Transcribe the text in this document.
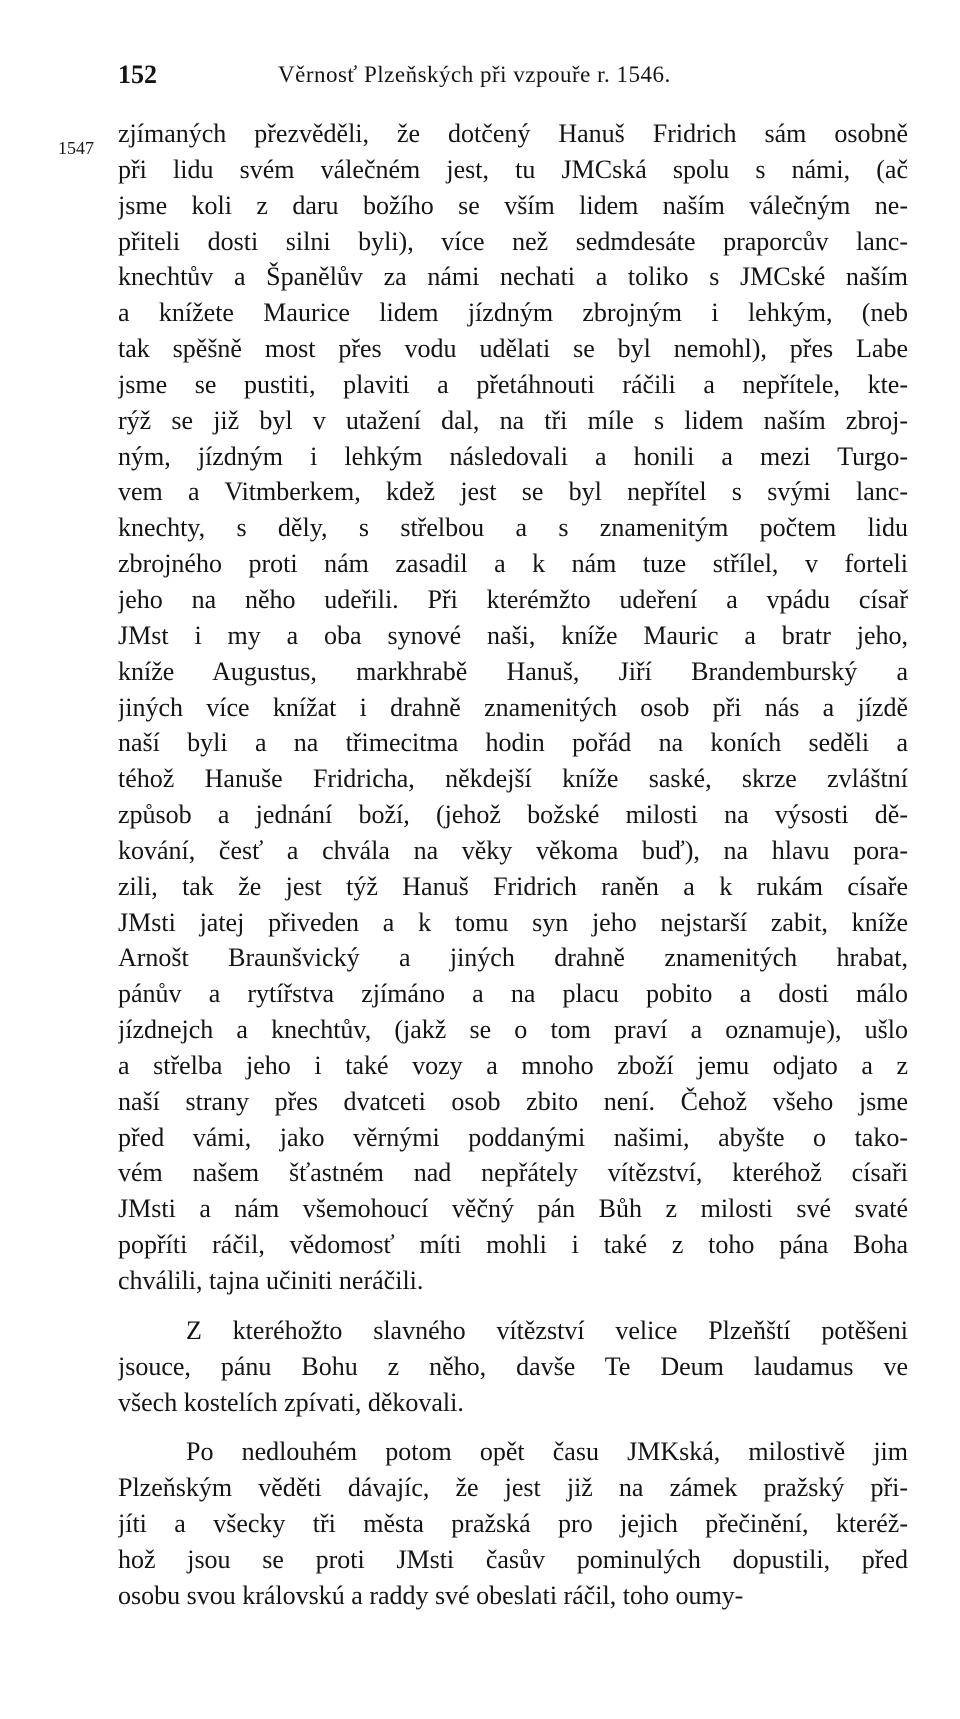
152	Věrnosť Plzeňských při vzpouře r. 1546.
1547 zjímaných přezvěděli, že dotčený Hanuš Fridrich sám osobně
při lidu svém válečném jest, tu JMCská spolu s námi, (ač
jsme koli z daru božího se vším lidem naším válečným ne-
přiteli dosti silni byli), více než sedmdesáte praporcův lanc-
knechtův a Španělův za námi nechati a toliko s JMCské naším
a knížete Maurice lidem jízdným zbrojným i lehkým, (neb
tak spěšně most přes vodu udělati se byl nemohl), přes Labe
jsme se pustiti, plaviti a přetáhnouti ráčili a nepřítele, kte-
rýž se již byl v utažení dal, na tři míle s lidem naším zbroj-
ným, jízdným i lehkým následovali a honili a mezi Turgo-
vem a Vitmberkem, kdež jest se byl nepřítel s svými lanc-
knechty, s děly, s střelbou a s znamenitým počtem lidu
zbrojného proti nám zasadil a k nám tuze střílel, v forteli
jeho na něho udeřili. Při kterémžto udeření a vpádu císař
JMst i my a oba synové naši, kníže Mauric a bratr jeho,
kníže Augustus, markhrabě Hanuš, Jiří Brandemburský a
jiných více knížat i drahně znamenitých osob při nás a jízdě
naší byli a na třimecitma hodin pořád na koních seděli a
téhož Hanuše Fridricha, někdejší kníže saské, skrze zvláštní
způsob a jednání boží, (jehož božské milosti na výsosti dě-
kování, česť a chvála na věky věkoma buď), na hlavu pora-
zili, tak že jest týž Hanuš Fridrich raněn a k rukám císaře
JMsti jatej přiveden a k tomu syn jeho nejstarší zabit, kníže
Arnošt Braunšvický a jiných drahně znamenitých hrabat,
pánův a rytířstva zjímáno a na placu pobito a dosti málo
jízdnejch a knechtův, (jakž se o tom praví a oznamuje), ušlo
a střelba jeho i také vozy a mnoho zboží jemu odjato a z
naší strany přes dvatceti osob zbito není. Čehož všeho jsme
před vámi, jako věrnými poddanými našimi, abyšte o tako-
vém našem šťastném nad nepřátely vítězství, kteréhož císaři
JMsti a nám všemohoucí věčný pán Bůh z milosti své svaté
popříti ráčil, vědomosť míti mohli i také z toho pána Boha
chválili, tajna učiniti neráčili.
Z kteréhožto slavného vítězství velice Plzeňští potěšeni
jsouce, pánu Bohu z něho, davše Te Deum laudamus ve
všech kostelích zpívati, děkovali.
Po nedlouhém potom opět času JMKská, milostivě jim
Plzeňským věděti dávajíc, že jest již na zámek pražský při-
jíti a všecky tři města pražská pro jejich přečinění, kteréž-
hož jsou se proti JMsti časův pominulých dopustili, před
osobu svou královskú a raddy své obeslati ráčil, toho oumy-
